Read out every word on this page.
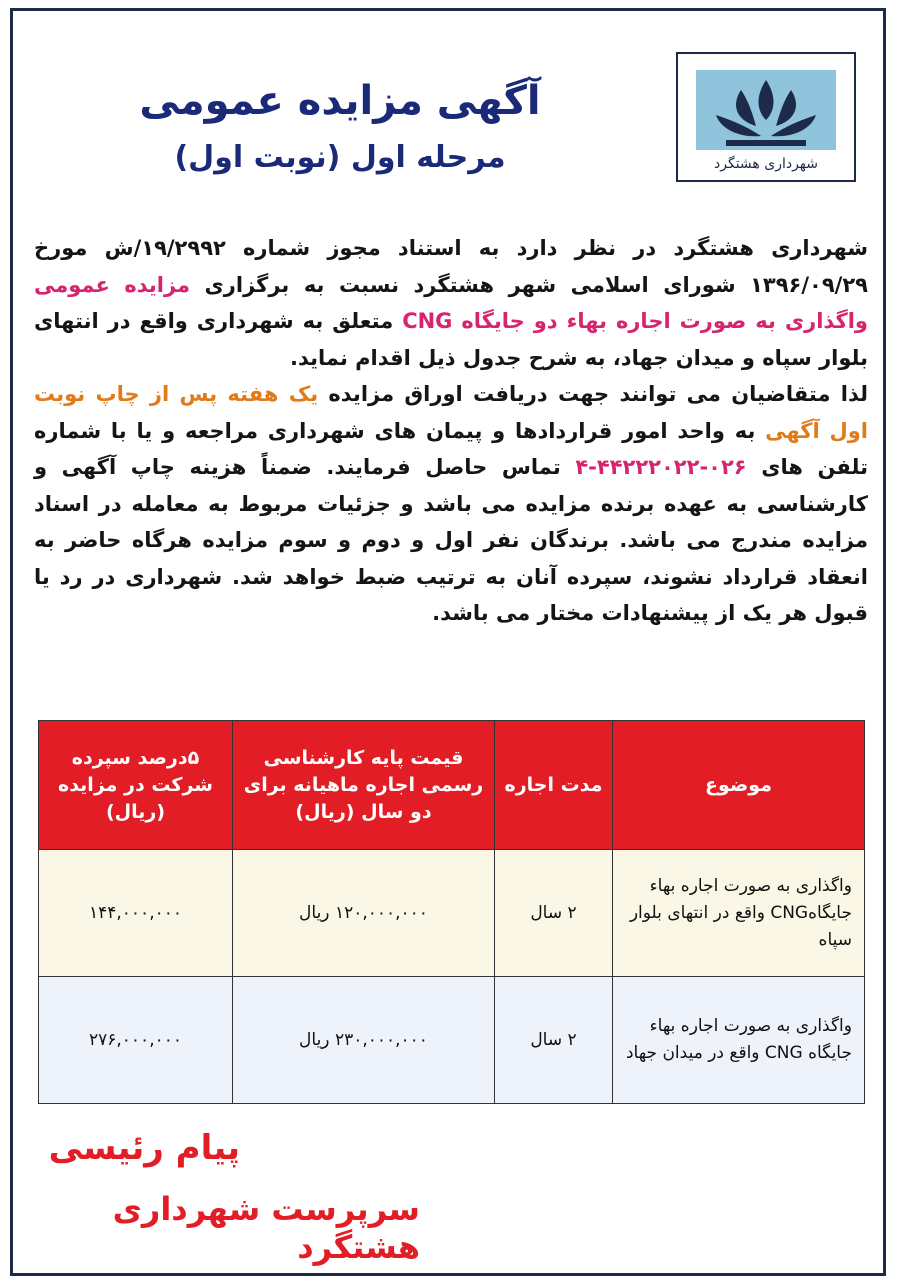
شهرداری هشتگرد
آگهی مزایده عمومی
مرحله اول (نوبت اول)
شهرداری هشتگرد در نظر دارد به استناد مجوز شماره ۱۹/۲۹۹۲/ش مورخ ۱۳۹۶/۰۹/۲۹ شورای اسلامی شهر هشتگرد نسبت به برگزاری مزایده عمومی واگذاری به صورت اجاره بهاء دو جایگاه CNG متعلق به شهرداری واقع در انتهای بلوار سپاه و میدان جهاد، به شرح جدول ذیل اقدام نماید.
لذا متقاضیان می توانند جهت دریافت اوراق مزایده یک هفته پس از چاپ نوبت اول آگهی به واحد امور قراردادها و پیمان های شهرداری مراجعه و یا با شماره تلفن های ۰۲۶-۴۴۲۲۲۰۲۲-۴ تماس حاصل فرمایند. ضمناً هزینه چاپ آگهی و کارشناسی به عهده برنده مزایده می باشد و جزئیات مربوط به معامله در اسناد مزایده مندرج می باشد. برندگان نفر اول و دوم و سوم مزایده هرگاه حاضر به انعقاد قرارداد نشوند، سپرده آنان به ترتیب ضبط خواهد شد. شهرداری در رد یا قبول هر یک از پیشنهادات مختار می باشد.
موضوع	مدت اجاره	قیمت پایه کارشناسی رسمی اجاره ماهیانه برای دو سال (ریال)	۵درصد سپرده شرکت در مزایده (ریال)
واگذاری به صورت اجاره بهاء جایگاهCNG واقع در انتهای بلوار سپاه	۲ سال	۱۲۰,۰۰۰,۰۰۰ ریال	۱۴۴,۰۰۰,۰۰۰
واگذاری به صورت اجاره بهاء جایگاه CNG واقع در میدان جهاد	۲ سال	۲۳۰,۰۰۰,۰۰۰ ریال	۲۷۶,۰۰۰,۰۰۰
پیام رئیسی
سرپرست شهرداری هشتگرد
